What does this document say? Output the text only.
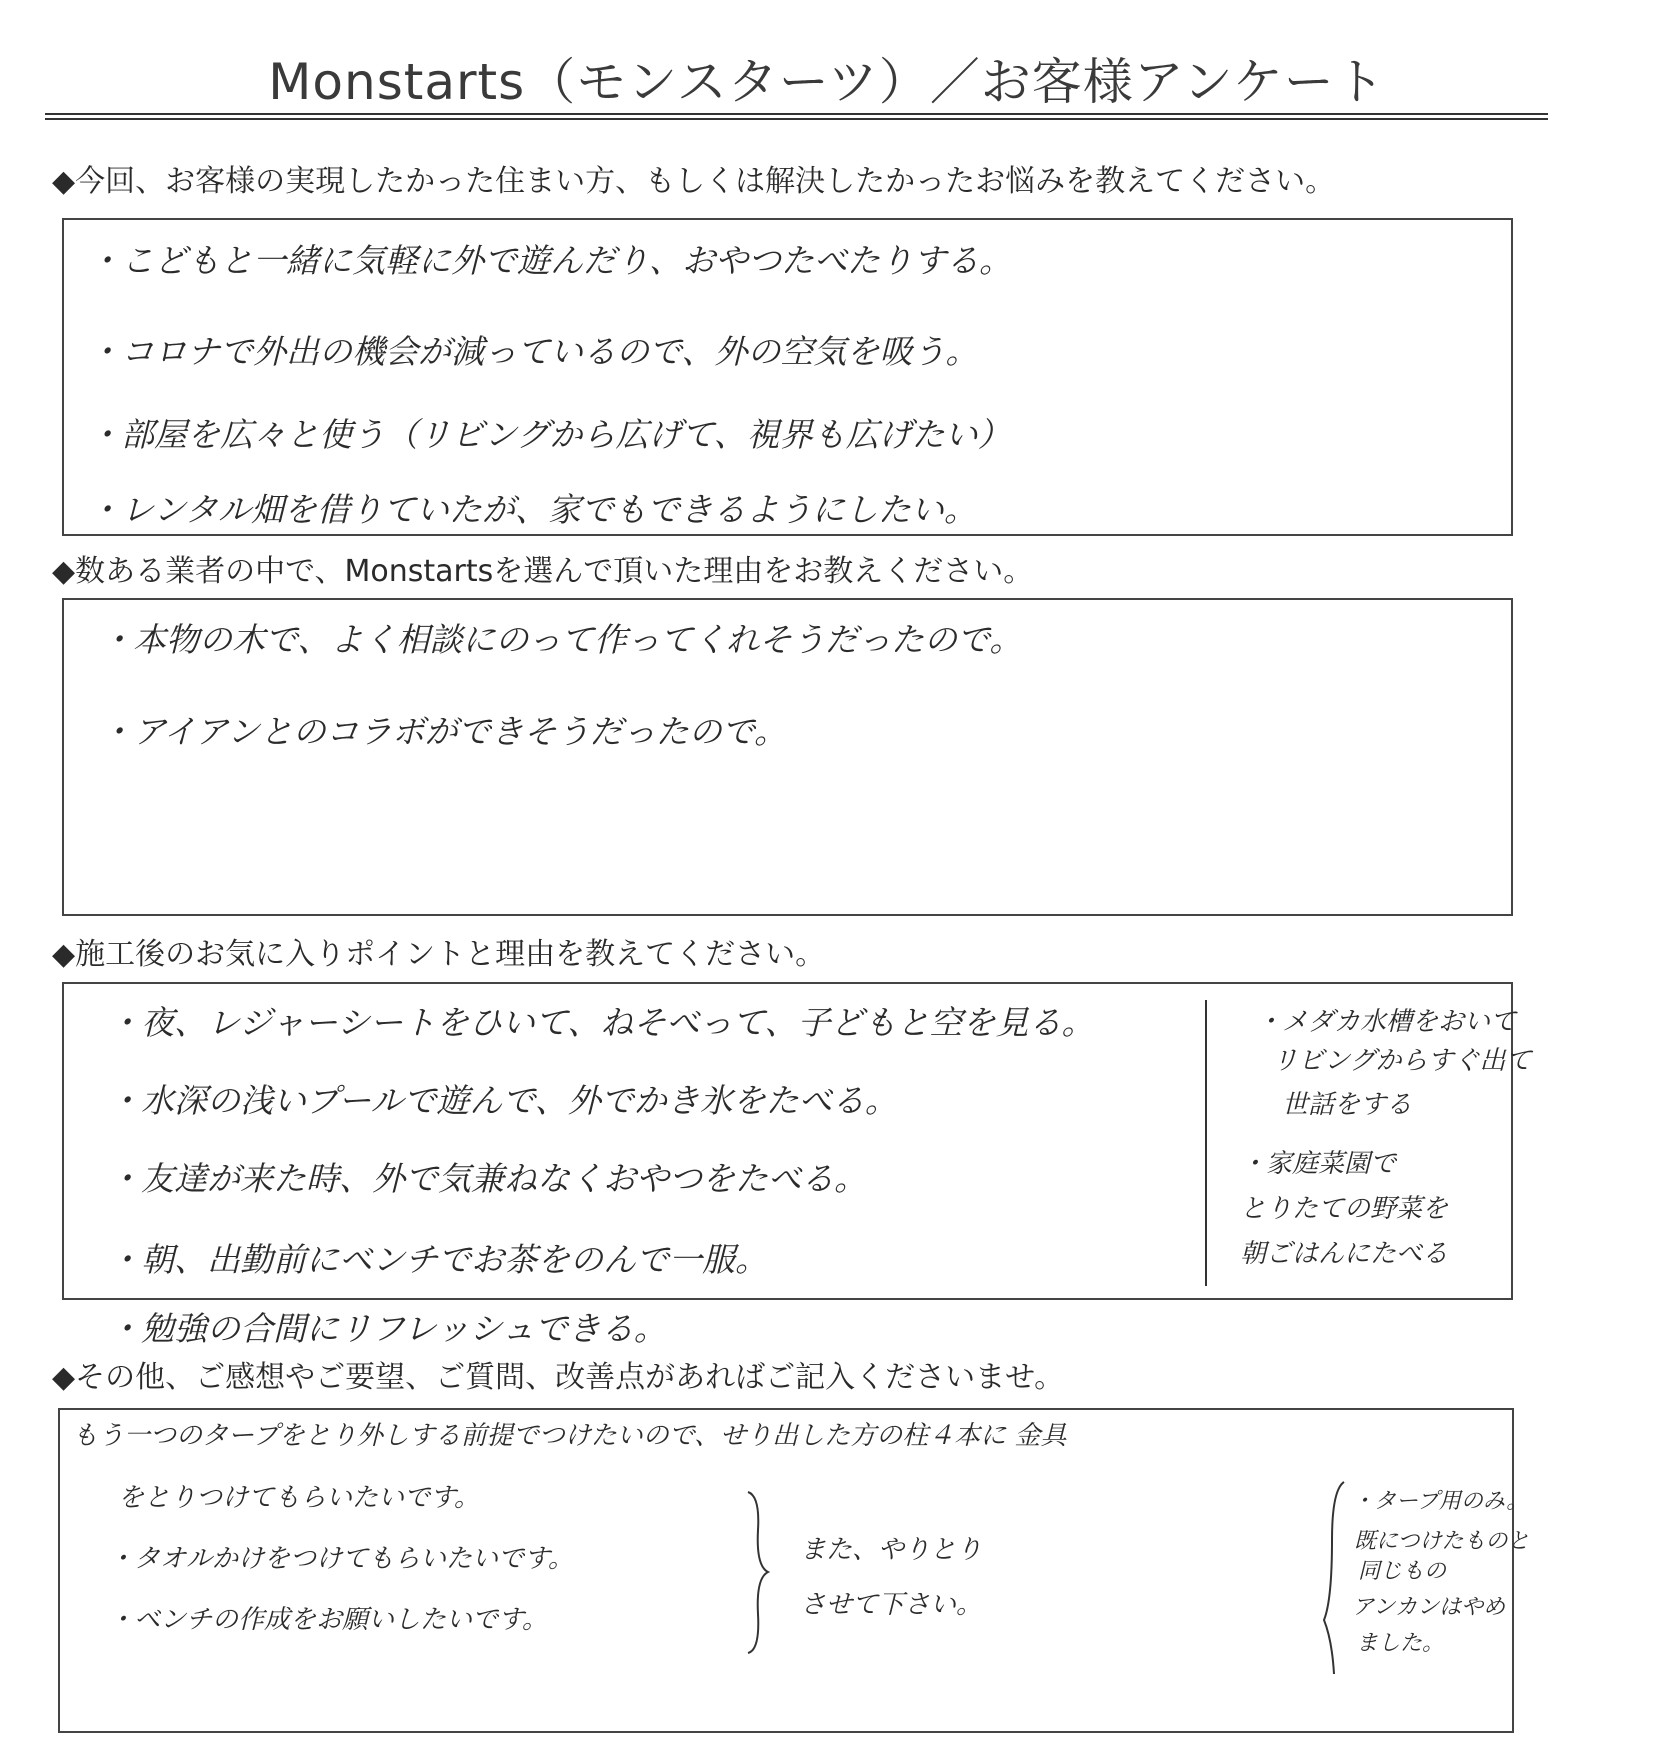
Monstarts（モンスターツ）／お客様アンケート
◆今回、お客様の実現したかった住まい方、もしくは解決したかったお悩みを教えてください。

・こどもと一緒に気軽に外で遊んだり、おやつたべたりする。

・コロナで外出の機会が減っているので、外の空気を吸う。

・部屋を広々と使う（リビングから広げて、視界も広げたい）

・レンタル畑を借りていたが、家でもできるようにしたい。

◆数ある業者の中で、Monstartsを選んで頂いた理由をお教えください。

・本物の木で、よく相談にのって作ってくれそうだったので。

・アイアンとのコラボができそうだったので。

◆施工後のお気に入りポイントと理由を教えてください。

・夜、レジャーシートをひいて、ねそべって、子どもと空を見る。

・水深の浅いプールで遊んで、外でかき氷をたべる。

・友達が来た時、外で気兼ねなくおやつをたべる。

・朝、出勤前にベンチでお茶をのんで一服。

・勉強の合間にリフレッシュできる。

・メダカ水槽をおいて

リビングからすぐ出て

世話をする

・家庭菜園で

とりたての野菜を

朝ごはんにたべる

◆その他、ご感想やご要望、ご質問、改善点があればご記入くださいませ。

もう一つのタープをとり外しする前提でつけたいので、せり出した方の柱４本に 金具

をとりつけてもらいたいです。

・タオルかけをつけてもらいたいです。

・ベンチの作成をお願いしたいです。

また、やりとり

させて下さい。

・タープ用のみ。

既につけたものと

同じもの

アンカンはやめ

ました。
